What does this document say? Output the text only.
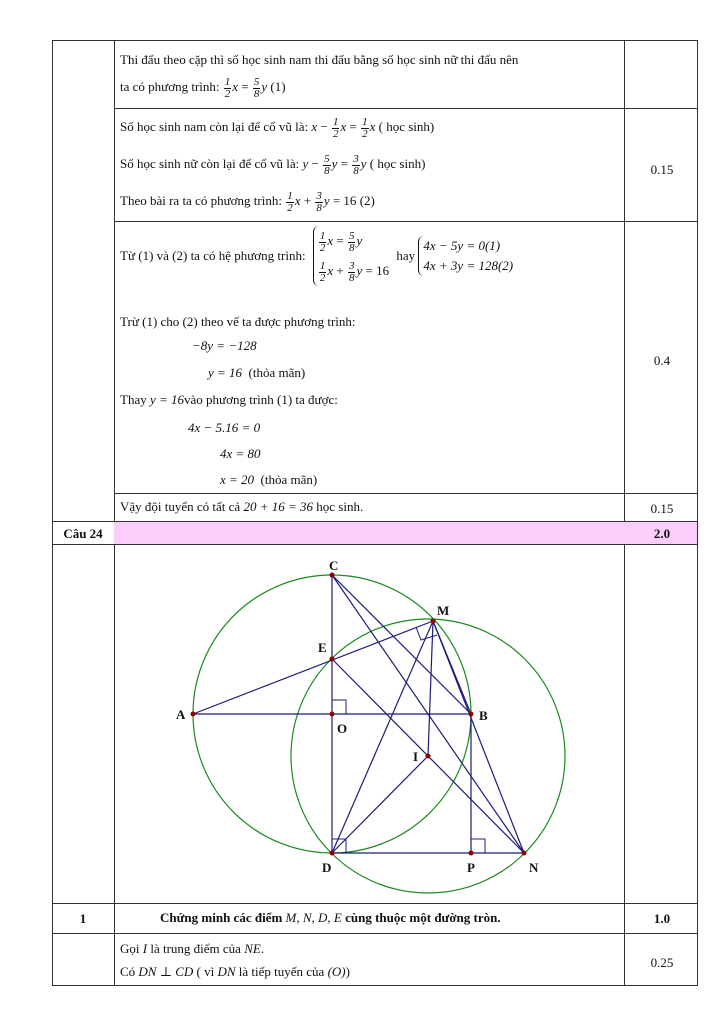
Thi đấu theo cặp thì số học sinh nam thi đấu bằng số học sinh nữ thi đấu nên
ta có phương trình: $\frac{1}{2}$ $x = \frac{5}{8}$ y (1)
Số học sinh nam còn lại để cổ vũ là: $x - \frac{1}{2}$ $x = \frac{1}{2}$ x ( học sinh)
Số học sinh nữ còn lại để cổ vũ là: $y - \frac{5}{8}$ $y = \frac{3}{8}$ y ( học sinh)
Theo bài ra ta có phương trình: $\frac{1}{2}$ $x + \frac{3}{8}$ y = 16 (2)
0.15
Từ (1) và (2) ta có hệ phương trình:
$\frac{1}{2}$ $x = \frac{5}{8}$ y
$\frac{1}{2}$ $x + \frac{3}{8}$ y = 16
hay
4x − 5y = 0(1)
4x + 3y = 128(2)
Trừ (1) cho (2) theo vế ta được phương trình:
−8y = −128
y = 16 (thỏa mãn)
Thay y = 16vào phương trình (1) ta được:
4x − 5.16 = 0
4x = 80
x = 20 (thỏa mãn)
0.4
Vậy đội tuyển có tất cả 20 + 16 = 36 học sinh.	0.15
Câu 24	2.0
C
M
E
A
O
B
I
D	P	N
1	Chứng minh các điểm M, N, D, E cùng thuộc một đường tròn.	1.0
Gọi I là trung điểm của NE.
Có DN ⊥ CD ( vì DN là tiếp tuyến của (O))
0.25
